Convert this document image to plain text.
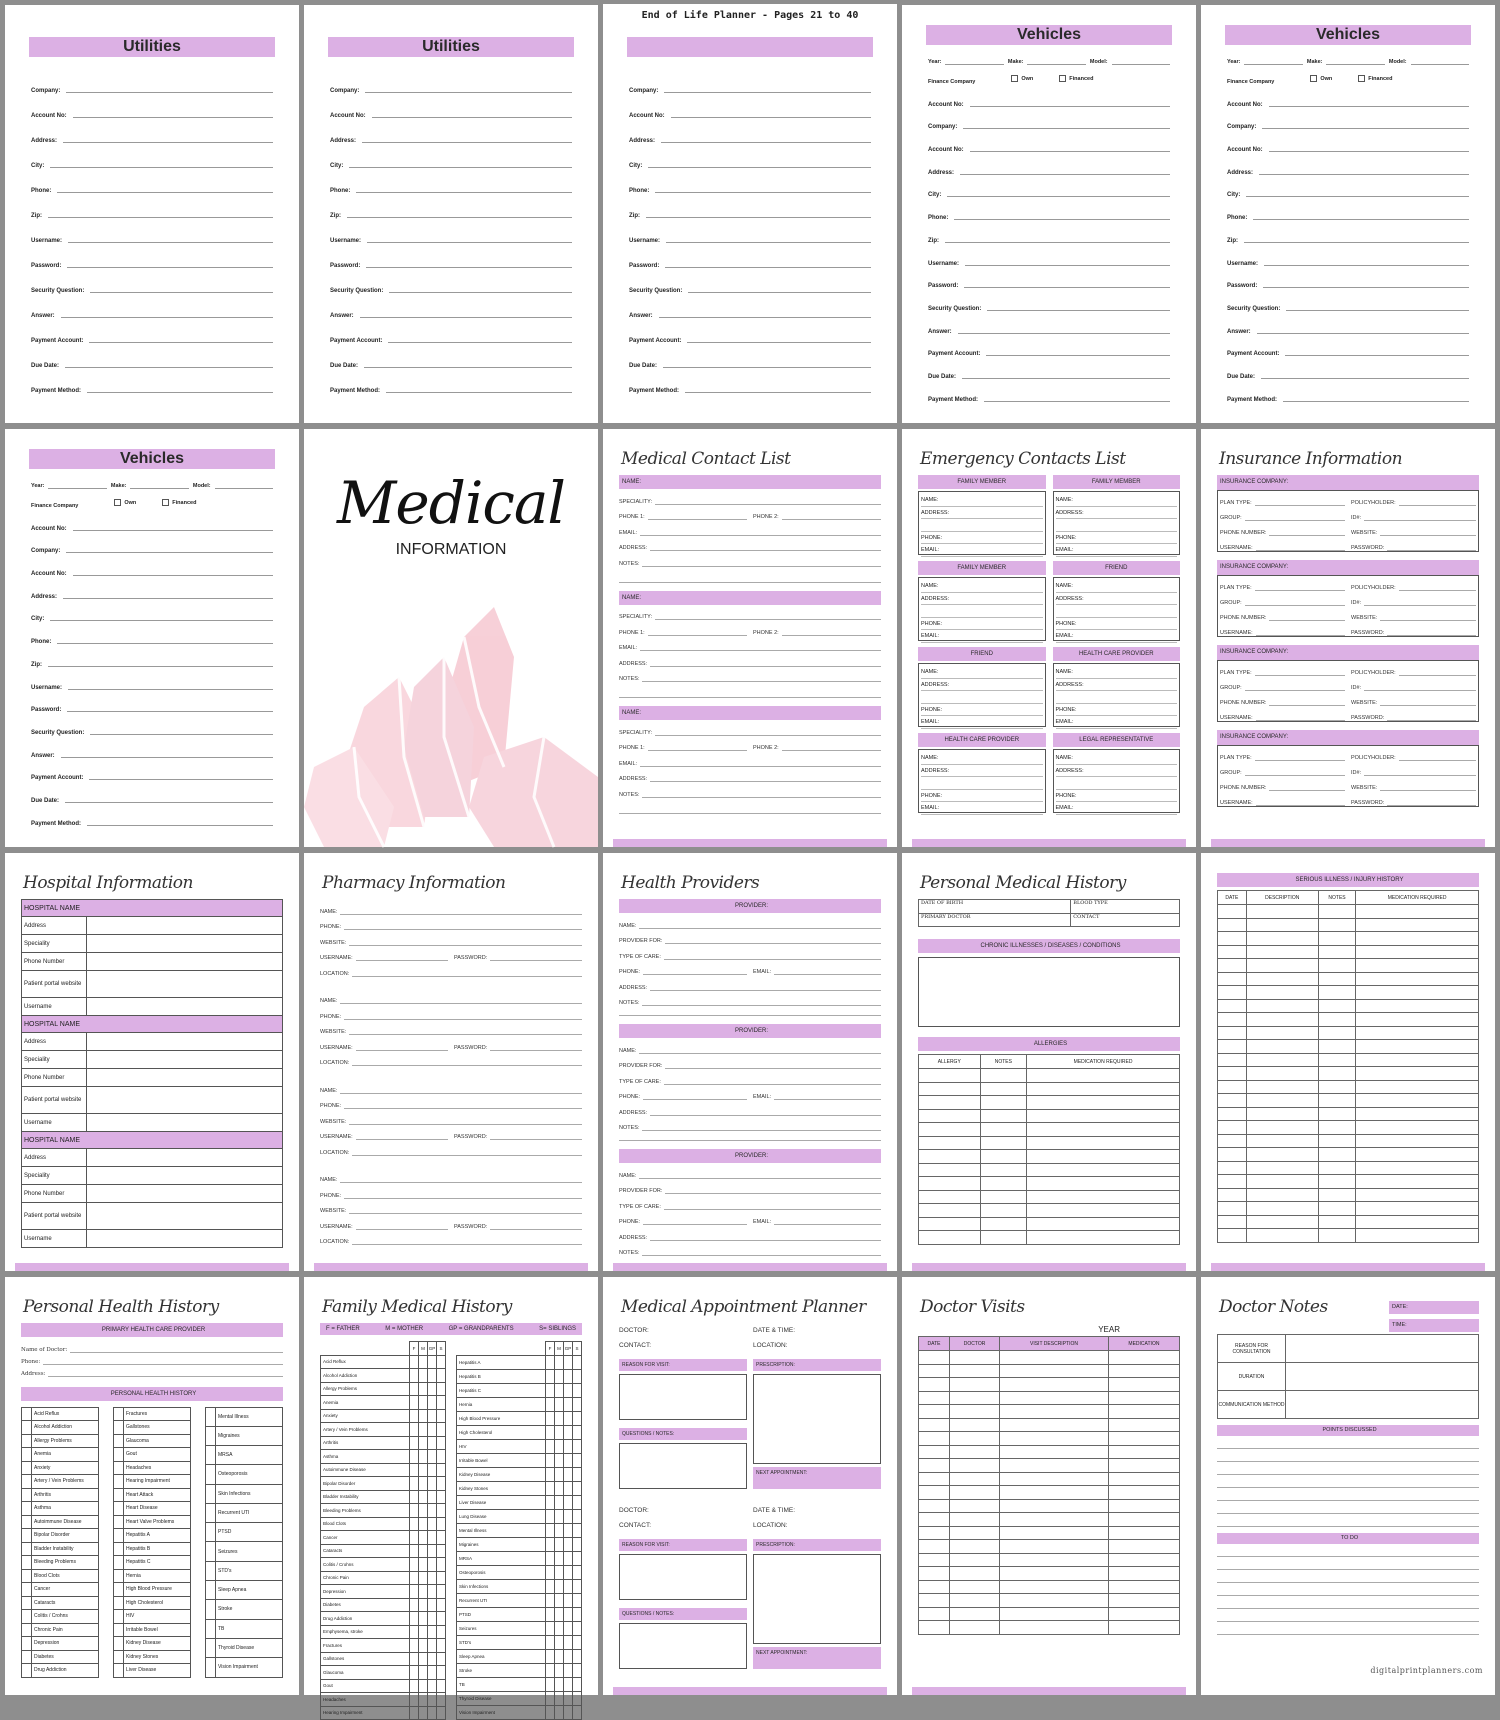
Utilities
Company:
Account No:
Address:
City:
Phone:
Zip:
Username:
Password:
Security Question:
Answer:
Payment Account:
Due Date:
Payment Method:
Utilities
Company:
Account No:
Address:
City:
Phone:
Zip:
Username:
Password:
Security Question:
Answer:
Payment Account:
Due Date:
Payment Method:
End of Life Planner - Pages 21 to 40
Company:
Account No:
Address:
City:
Phone:
Zip:
Username:
Password:
Security Question:
Answer:
Payment Account:
Due Date:
Payment Method:
Vehicles
Year:	Make:	Model:
Finance Company
Own	Financed
Account No:
Company:
Account No:
Address:
City:
Phone:
Zip:
Username:
Password:
Security Question:
Answer:
Payment Account:
Due Date:
Payment Method:
Vehicles
Year:	Make:	Model:
Finance Company
Own	Financed
Account No:
Company:
Account No:
Address:
City:
Phone:
Zip:
Username:
Password:
Security Question:
Answer:
Payment Account:
Due Date:
Payment Method:
Vehicles
Year:	Make:	Model:
Finance Company
Own	Financed
Account No:
Company:
Account No:
Address:
City:
Phone:
Zip:
Username:
Password:
Security Question:
Answer:
Payment Account:
Due Date:
Payment Method:
Medical
INFORMATION
Medical Contact List
NAME:
SPECIALITY:
PHONE 1:	PHONE 2:
EMAIL:
ADDRESS:
NOTES:
NAME:
SPECIALITY:
PHONE 1:	PHONE 2:
EMAIL:
ADDRESS:
NOTES:
NAME:
SPECIALITY:
PHONE 1:	PHONE 2:
EMAIL:
ADDRESS:
NOTES:
Emergency Contacts List
FAMILY MEMBER
NAME:
ADDRESS:
PHONE:
EMAIL:
FAMILY MEMBER
NAME:
ADDRESS:
PHONE:
EMAIL:
FAMILY MEMBER
NAME:
ADDRESS:
PHONE:
EMAIL:
FRIEND
NAME:
ADDRESS:
PHONE:
EMAIL:
FRIEND
NAME:
ADDRESS:
PHONE:
EMAIL:
HEALTH CARE PROVIDER
NAME:
ADDRESS:
PHONE:
EMAIL:
HEALTH CARE PROVIDER
NAME:
ADDRESS:
PHONE:
EMAIL:
LEGAL REPRESENTATIVE
NAME:
ADDRESS:
PHONE:
EMAIL:
Insurance Information
INSURANCE COMPANY:
PLAN TYPE:	POLICYHOLDER:
GROUP:	ID#:
PHONE NUMBER:	WEBSITE:
USERNAME:	PASSWORD:
INSURANCE COMPANY:
PLAN TYPE:	POLICYHOLDER:
GROUP:	ID#:
PHONE NUMBER:	WEBSITE:
USERNAME:	PASSWORD:
INSURANCE COMPANY:
PLAN TYPE:	POLICYHOLDER:
GROUP:	ID#:
PHONE NUMBER:	WEBSITE:
USERNAME:	PASSWORD:
INSURANCE COMPANY:
PLAN TYPE:	POLICYHOLDER:
GROUP:	ID#:
PHONE NUMBER:	WEBSITE:
USERNAME:	PASSWORD:
Hospital Information
HOSPITAL NAME	
Address	
Speciality	
Phone Number	
Patient portal website	
Username	
HOSPITAL NAME	
Address	
Speciality	
Phone Number	
Patient portal website	
Username	
HOSPITAL NAME	
Address	
Speciality	
Phone Number	
Patient portal website	
Username	
Pharmacy Information
NAME:
PHONE:
WEBSITE:
USERNAME:	PASSWORD:
LOCATION:
NAME:
PHONE:
WEBSITE:
USERNAME:	PASSWORD:
LOCATION:
NAME:
PHONE:
WEBSITE:
USERNAME:	PASSWORD:
LOCATION:
NAME:
PHONE:
WEBSITE:
USERNAME:	PASSWORD:
LOCATION:
Health Providers
PROVIDER:
NAME:
PROVIDER FOR:
TYPE OF CARE:
PHONE:	EMAIL:
ADDRESS:
NOTES:
PROVIDER:
NAME:
PROVIDER FOR:
TYPE OF CARE:
PHONE:	EMAIL:
ADDRESS:
NOTES:
PROVIDER:
NAME:
PROVIDER FOR:
TYPE OF CARE:
PHONE:	EMAIL:
ADDRESS:
NOTES:
Personal Medical History
DATE OF BIRTH	BLOOD TYPE
PRIMARY DOCTOR	CONTACT
CHRONIC ILLNESSES / DISEASES / CONDITIONS
ALLERGIES
ALLERGY	NOTES	MEDICATION REQUIRED

SERIOUS ILLNESS / INJURY HISTORY
DATE	DESCRIPTION	NOTES	MEDICATION REQUIRED

Personal Health History
PRIMARY HEALTH CARE PROVIDER
Name of Doctor:
Phone:
Address:
PERSONAL HEALTH HISTORY
	Acid Reflux
	Alcohol Addiction
	Allergy Problems
	Anemia
	Anxiety
	Artery / Vein Problems
	Arthritis
	Asthma
	Autoimmune Disease
	Bipolar Disorder
	Bladder Instability
	Bleeding Problems
	Blood Clots
	Cancer
	Cataracts
	Colitis / Crohns
	Chronic Pain
	Depression
	Diabetes
	Drug Addiction
	Fractures
	Gallstones
	Glaucoma
	Gout
	Headaches
	Hearing Impairment
	Heart Attack
	Heart Disease
	Heart Valve Problems
	Hepatitis A
	Hepatitis B
	Hepatitis C
	Hernia
	High Blood Pressure
	High Cholesterol
	HIV
	Irritable Bowel
	Kidney Disease
	Kidney Stones
	Liver Disease
	Mental Illness
	Migraines
	MRSA
	Osteoporosis
	Skin Infections
	Recurrent UTI
	PTSD
	Seizures
	STD's
	Sleep Apnea
	Stroke
	TB
	Thyroid Disease
	Vision Impairment
Family Medical History
F = FATHER	M = MOTHER	GP = GRANDPARENTS	S= SIBLINGS
	F	M	GP	S
Acid Reflux				
Alcohol Addiction				
Allergy Problems				
Anemia				
Anxiety				
Artery / Vein Problems				
Arthritis				
Asthma				
Autoimmune Disease				
Bipolar Disorder				
Bladder Instability				
Bleeding Problems				
Blood Clots				
Cancer				
Cataracts				
Colitis / Crohns				
Chronic Pain				
Depression				
Diabetes				
Drug Addiction				
Emphysema, stroke				
Fractures				
Gallstones				
Glaucoma				
Gout				
Headaches				
Hearing Impairment				
	F	M	GP	S
Hepatitis A				
Hepatitis B				
Hepatitis C				
Hernia				
High Blood Pressure				
High Cholesterol				
HIV				
Irritable Bowel				
Kidney Disease				
Kidney Stones				
Liver Disease				
Lung Disease				
Mental Illness				
Migraines				
MRSA				
Osteoporosis				
Skin Infections				
Recurrent UTI				
PTSD				
Seizures				
STD's				
Sleep Apnea				
Stroke				
TB				
Thyroid Disease				
Vision Impairment				
Medical Appointment Planner
DOCTOR:	DATE & TIME:
CONTACT:	LOCATION:
REASON FOR VISIT:
QUESTIONS / NOTES:
PRESCRIPTION:
NEXT APPOINTMENT:
DOCTOR:	DATE & TIME:
CONTACT:	LOCATION:
REASON FOR VISIT:
QUESTIONS / NOTES:
PRESCRIPTION:
NEXT APPOINTMENT:
Doctor Visits
YEAR
DATE	DOCTOR	VISIT DESCRIPTION	MEDICATION

Doctor Notes	DATE:
TIME:
REASON FOR CONSULTATION	
DURATION	
COMMUNICATION METHOD	
POINTS DISCUSSED
TO DO
digitalprintplanners.com
